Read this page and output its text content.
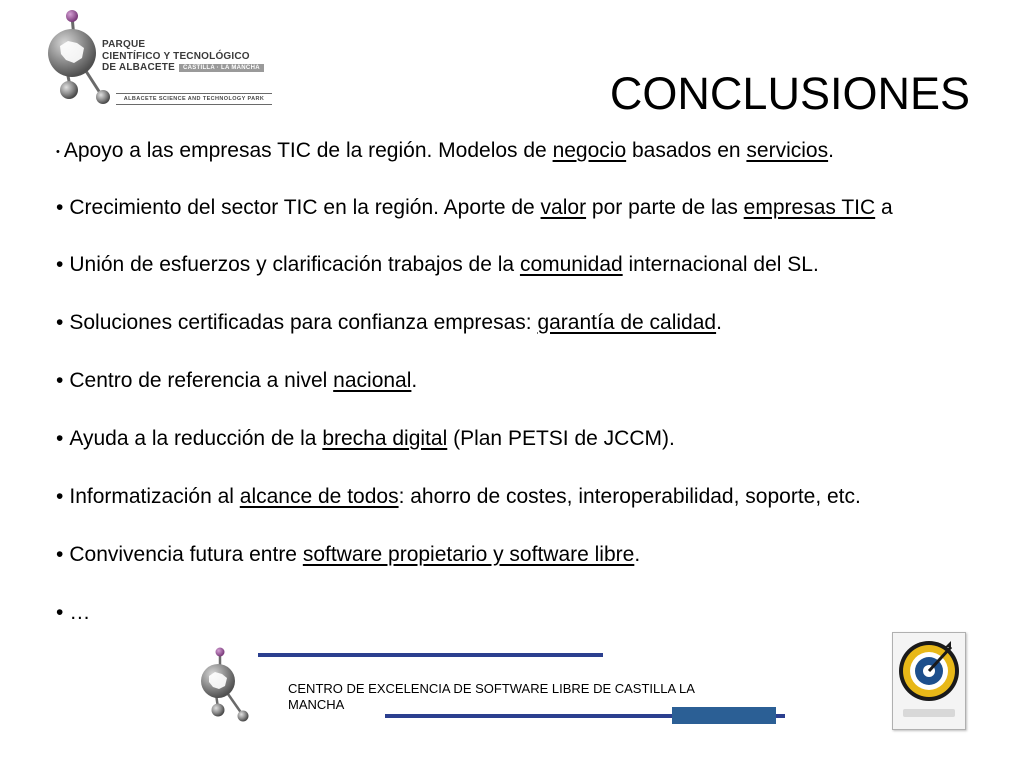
PARQUE
CIENTÍFICO Y TECNOLÓGICO
DE ALBACETE CASTILLA · LA MANCHA
ALBACETE SCIENCE AND TECHNOLOGY PARK	CONCLUSIONES
• Apoyo a las empresas TIC de la región. Modelos de negocio basados en servicios.
• Crecimiento del sector TIC en la región. Aporte de valor por parte de las empresas TIC a
• Unión de esfuerzos y clarificación trabajos de la comunidad internacional del SL.
• Soluciones certificadas para confianza empresas: garantía de calidad.
• Centro de referencia a nivel nacional.
• Ayuda a la reducción de la brecha digital (Plan PETSI de JCCM).
• Informatización al alcance de todos: ahorro de costes, interoperabilidad, soporte, etc.
• Convivencia futura entre software propietario y software libre.
• …
CENTRO DE EXCELENCIA DE SOFTWARE LIBRE DE CASTILLA LA MANCHA
